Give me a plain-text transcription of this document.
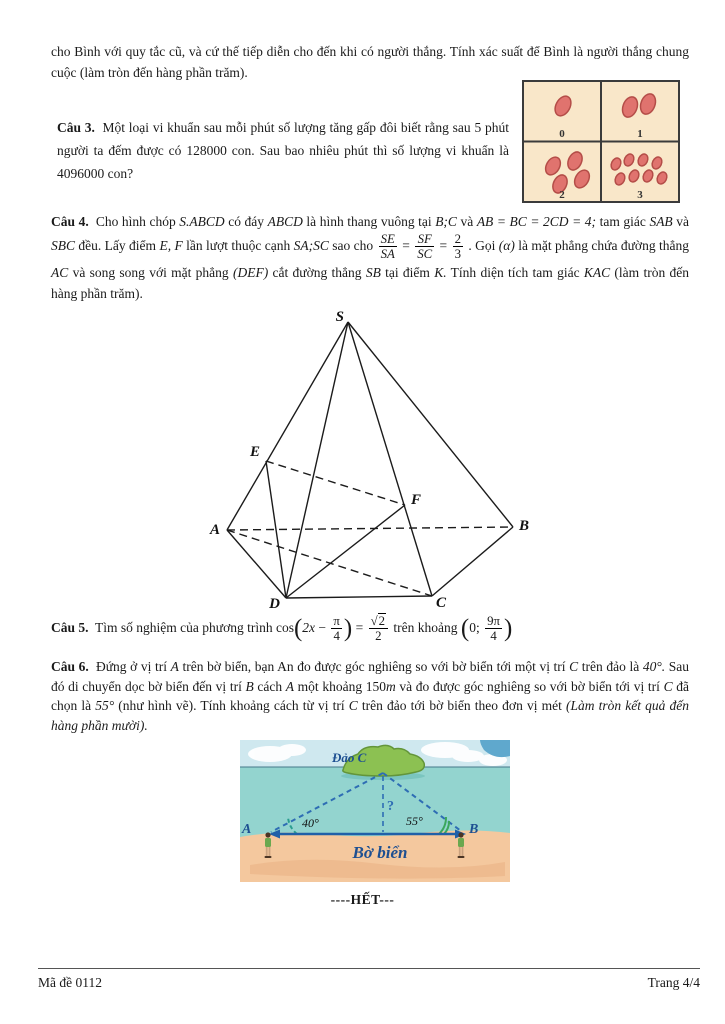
cho Bình với quy tắc cũ, và cứ thế tiếp diễn cho đến khi có người thắng. Tính xác suất để Bình là người thắng chung cuộc (làm tròn đến hàng phần trăm).
Câu 3.  Một loại vi khuẩn sau mỗi phút số lượng tăng gấp đôi biết rằng sau 5 phút người ta đếm được có 128000 con. Sau bao nhiêu phút thì số lượng vi khuẩn là 4096000 con?
0	1
2	3
Câu 4.  Cho hình chóp S.ABCD có đáy ABCD là hình thang vuông tại B;C và AB = BC = 2CD = 4; tam giác SAB và SBC đều. Lấy điểm E, F lần lượt thuộc cạnh SA;SC sao cho $\frac{SE}{SA} = \frac{SF}{SC} = \frac{2}{3}$ . Gọi (α) là mặt phẳng chứa đường thẳng AC và song song với mặt phẳng (DEF) cắt đường thẳng SB tại điểm K. Tính diện tích tam giác KAC (làm tròn đến hàng phần trăm).
S
E
F
A	B
D	C
Câu 5.  Tìm số nghiệm của phương trình $\cos(2x - \frac{\pi}{4}$ ) = $\frac{√2}{2}$ trên khoảng (0; $\frac{9\pi}{4}$ )
Câu 6.  Đứng ở vị trí A trên bờ biển, bạn An đo được góc nghiêng so với bờ biển tới một vị trí C trên đảo là 40°. Sau đó di chuyển dọc bờ biển đến vị trí B cách A một khoảng 150m và đo được góc nghiêng so với bờ biển tới vị trí C đã chọn là 55° (như hình vẽ). Tính khoảng cách từ vị trí C trên đảo tới bờ biển theo đơn vị mét (Làm tròn kết quả đến hàng phần mười).
Đảo C
?
40°	55°
A	B
Bờ biển
----HẾT---
Mã đề 0112	Trang 4/4
